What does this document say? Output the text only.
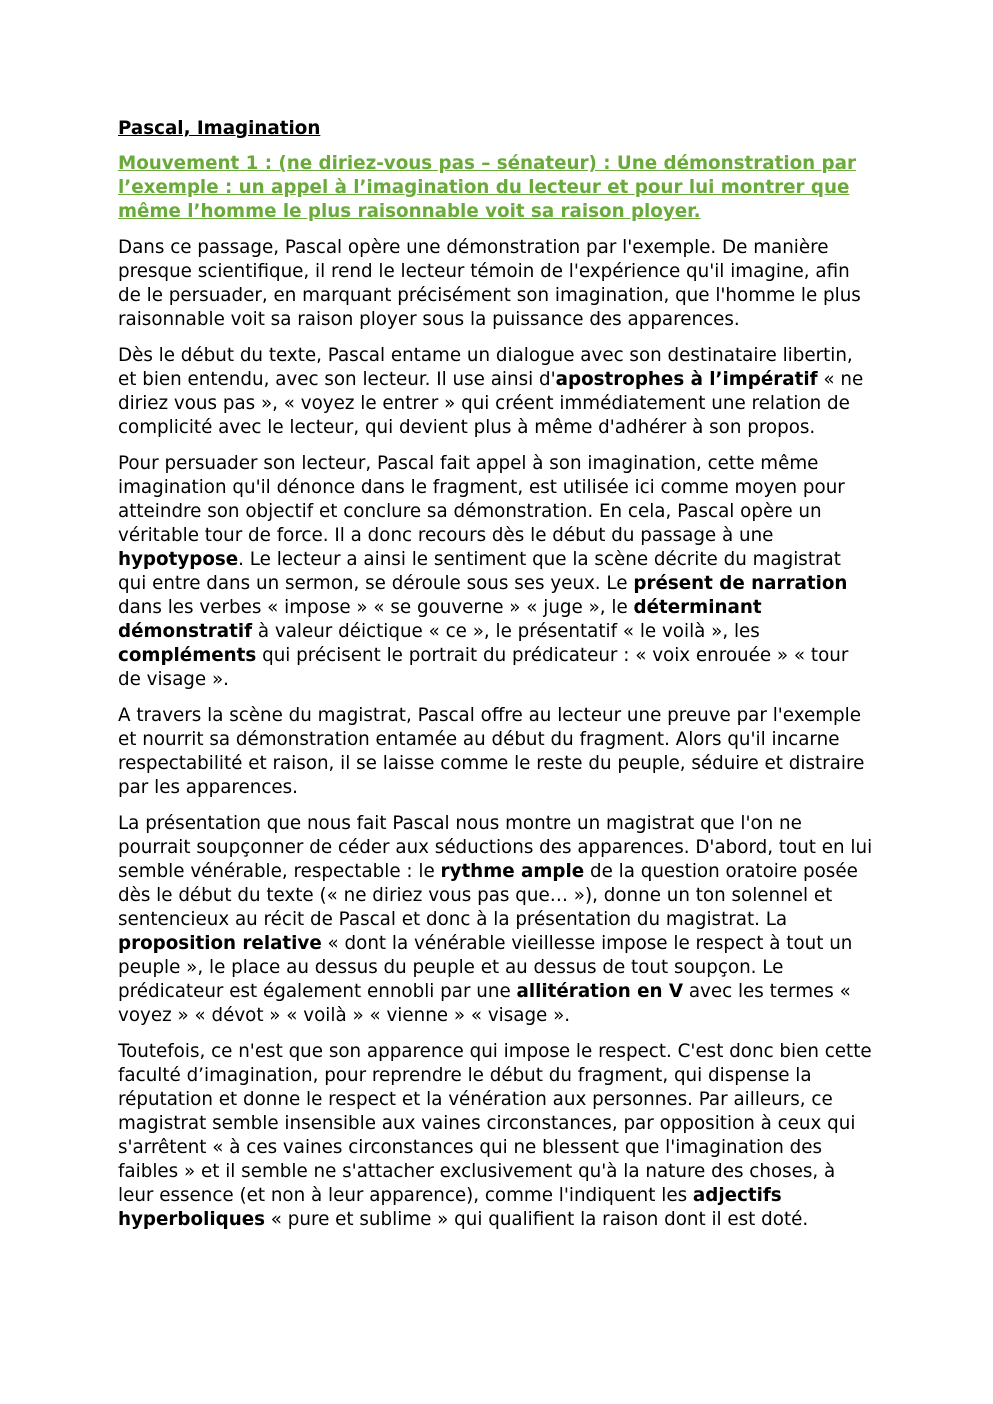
Pascal, Imagination
Mouvement 1 : (ne diriez-vous pas – sénateur) : Une démonstration par l’exemple : un appel à l’imagination du lecteur et pour lui montrer que même l’homme le plus raisonnable voit sa raison ployer.
Dans ce passage, Pascal opère une démonstration par l'exemple. De manière presque scientifique, il rend le lecteur témoin de l'expérience qu'il imagine, afin de le persuader, en marquant précisément son imagination, que l'homme le plus raisonnable voit sa raison ployer sous la puissance des apparences.
Dès le début du texte, Pascal entame un dialogue avec son destinataire libertin, et bien entendu, avec son lecteur. Il use ainsi d'apostrophes à l’impératif « ne diriez vous pas », « voyez le entrer » qui créent immédiatement une relation de complicité avec le lecteur, qui devient plus à même d'adhérer à son propos.
Pour persuader son lecteur, Pascal fait appel à son imagination, cette même imagination qu'il dénonce dans le fragment, est utilisée ici comme moyen pour atteindre son objectif et conclure sa démonstration. En cela, Pascal opère un véritable tour de force. Il a donc recours dès le début du passage à une hypotypose. Le lecteur a ainsi le sentiment que la scène décrite du magistrat qui entre dans un sermon, se déroule sous ses yeux. Le présent de narration dans les verbes « impose » « se gouverne » « juge », le déterminant démonstratif à valeur déictique « ce », le présentatif « le voilà », les compléments qui précisent le portrait du prédicateur : « voix enrouée » « tour de visage ».
A travers la scène du magistrat, Pascal offre au lecteur une preuve par l'exemple et nourrit sa démonstration entamée au début du fragment. Alors qu'il incarne respectabilité et raison, il se laisse comme le reste du peuple, séduire et distraire par les apparences.
La présentation que nous fait Pascal nous montre un magistrat que l'on ne pourrait soupçonner de céder aux séductions des apparences. D'abord, tout en lui semble vénérable, respectable : le rythme ample de la question oratoire posée dès le début du texte (« ne diriez vous pas que… »), donne un ton solennel et sentencieux au récit de Pascal et donc à la présentation du magistrat. La proposition relative « dont la vénérable vieillesse impose le respect à tout un peuple », le place au dessus du peuple et au dessus de tout soupçon. Le prédicateur est également ennobli par une allitération en V avec les termes « voyez » « dévot » « voilà » « vienne » « visage ».
Toutefois, ce n'est que son apparence qui impose le respect. C'est donc bien cette faculté d’imagination, pour reprendre le début du fragment, qui dispense la réputation et donne le respect et la vénération aux personnes. Par ailleurs, ce magistrat semble insensible aux vaines circonstances, par opposition à ceux qui s'arrêtent « à ces vaines circonstances qui ne blessent que l'imagination des faibles » et il semble ne s'attacher exclusivement qu'à la nature des choses, à leur essence (et non à leur apparence), comme l'indiquent les adjectifs hyperboliques « pure et sublime » qui qualifient la raison dont il est doté.
